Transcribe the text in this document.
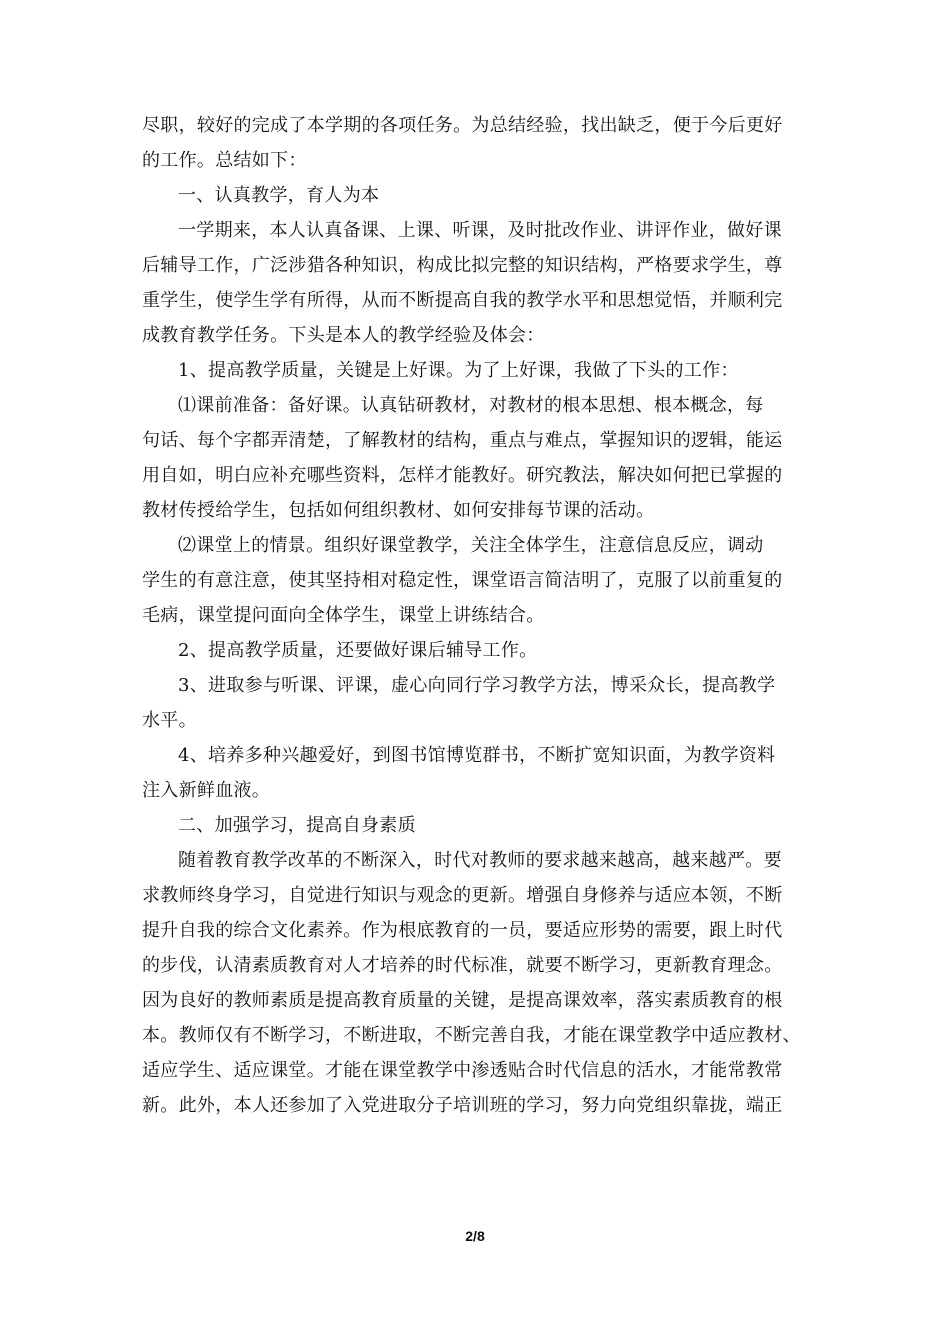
尽职，较好的完成了本学期的各项任务。为总结经验，找出缺乏，便于今后更好
的工作。总结如下：
一、认真教学，育人为本
一学期来，本人认真备课、上课、听课，及时批改作业、讲评作业，做好课
后辅导工作，广泛涉猎各种知识，构成比拟完整的知识结构，严格要求学生，尊
重学生，使学生学有所得，从而不断提高自我的教学水平和思想觉悟，并顺利完
成教育教学任务。下头是本人的教学经验及体会：
1、提高教学质量，关键是上好课。为了上好课，我做了下头的工作：
⑴课前准备：备好课。认真钻研教材，对教材的根本思想、根本概念，每
句话、每个字都弄清楚，了解教材的结构，重点与难点，掌握知识的逻辑，能运
用自如，明白应补充哪些资料，怎样才能教好。研究教法，解决如何把已掌握的
教材传授给学生，包括如何组织教材、如何安排每节课的活动。
⑵课堂上的情景。组织好课堂教学，关注全体学生，注意信息反应，调动
学生的有意注意，使其坚持相对稳定性，课堂语言简洁明了，克服了以前重复的
毛病，课堂提问面向全体学生，课堂上讲练结合。
2、提高教学质量，还要做好课后辅导工作。
3、进取参与听课、评课，虚心向同行学习教学方法，博采众长，提高教学
水平。
4、培养多种兴趣爱好，到图书馆博览群书，不断扩宽知识面，为教学资料
注入新鲜血液。
二、加强学习，提高自身素质
随着教育教学改革的不断深入，时代对教师的要求越来越高，越来越严。要
求教师终身学习，自觉进行知识与观念的更新。增强自身修养与适应本领，不断
提升自我的综合文化素养。作为根底教育的一员，要适应形势的需要，跟上时代
的步伐，认清素质教育对人才培养的时代标准，就要不断学习，更新教育理念。
因为良好的教师素质是提高教育质量的关键，是提高课效率，落实素质教育的根
本。教师仅有不断学习，不断进取，不断完善自我，才能在课堂教学中适应教材、
适应学生、适应课堂。才能在课堂教学中渗透贴合时代信息的活水，才能常教常
新。此外，本人还参加了入党进取分子培训班的学习，努力向党组织靠拢，端正
2/8
